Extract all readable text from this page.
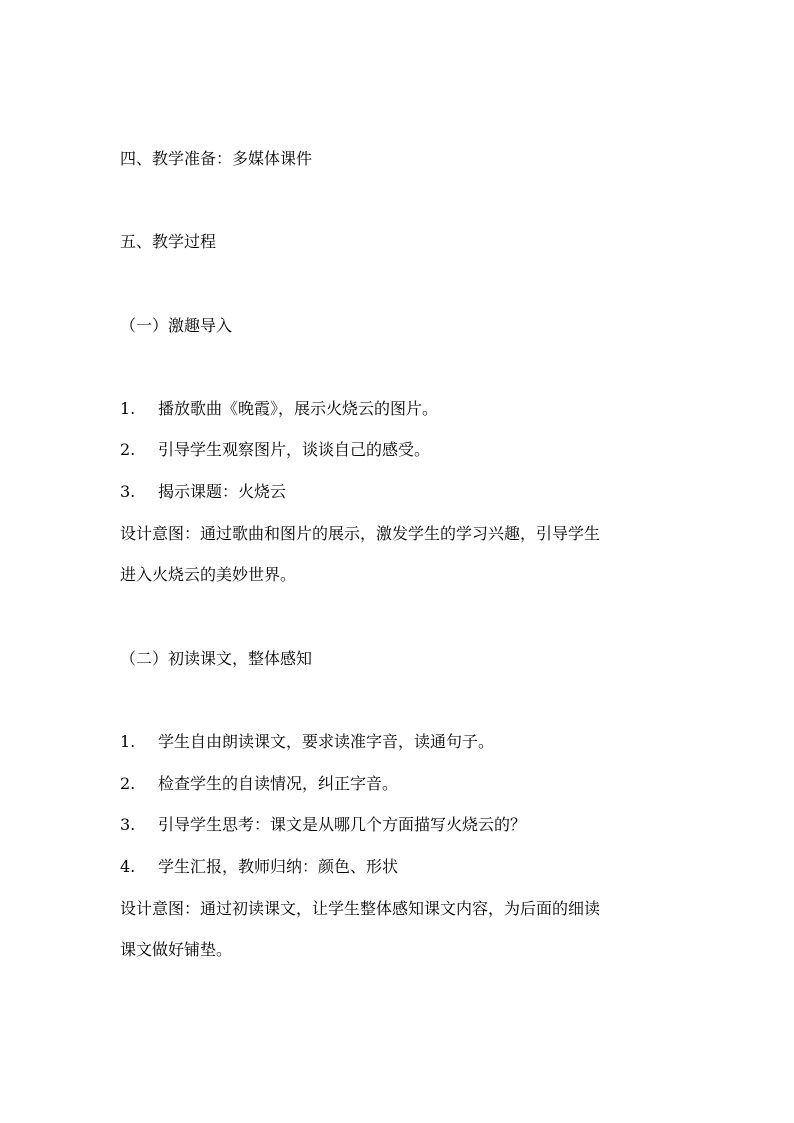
四、教学准备：多媒体课件
五、教学过程
（一）激趣导入
1. 播放歌曲《晚霞》，展示火烧云的图片。
2. 引导学生观察图片，谈谈自己的感受。
3. 揭示课题：火烧云
设计意图：通过歌曲和图片的展示，激发学生的学习兴趣，引导学生
进入火烧云的美妙世界。
（二）初读课文，整体感知
1. 学生自由朗读课文，要求读准字音，读通句子。
2. 检查学生的自读情况，纠正字音。
3. 引导学生思考：课文是从哪几个方面描写火烧云的？
4. 学生汇报，教师归纳：颜色、形状
设计意图：通过初读课文，让学生整体感知课文内容，为后面的细读
课文做好铺垫。
